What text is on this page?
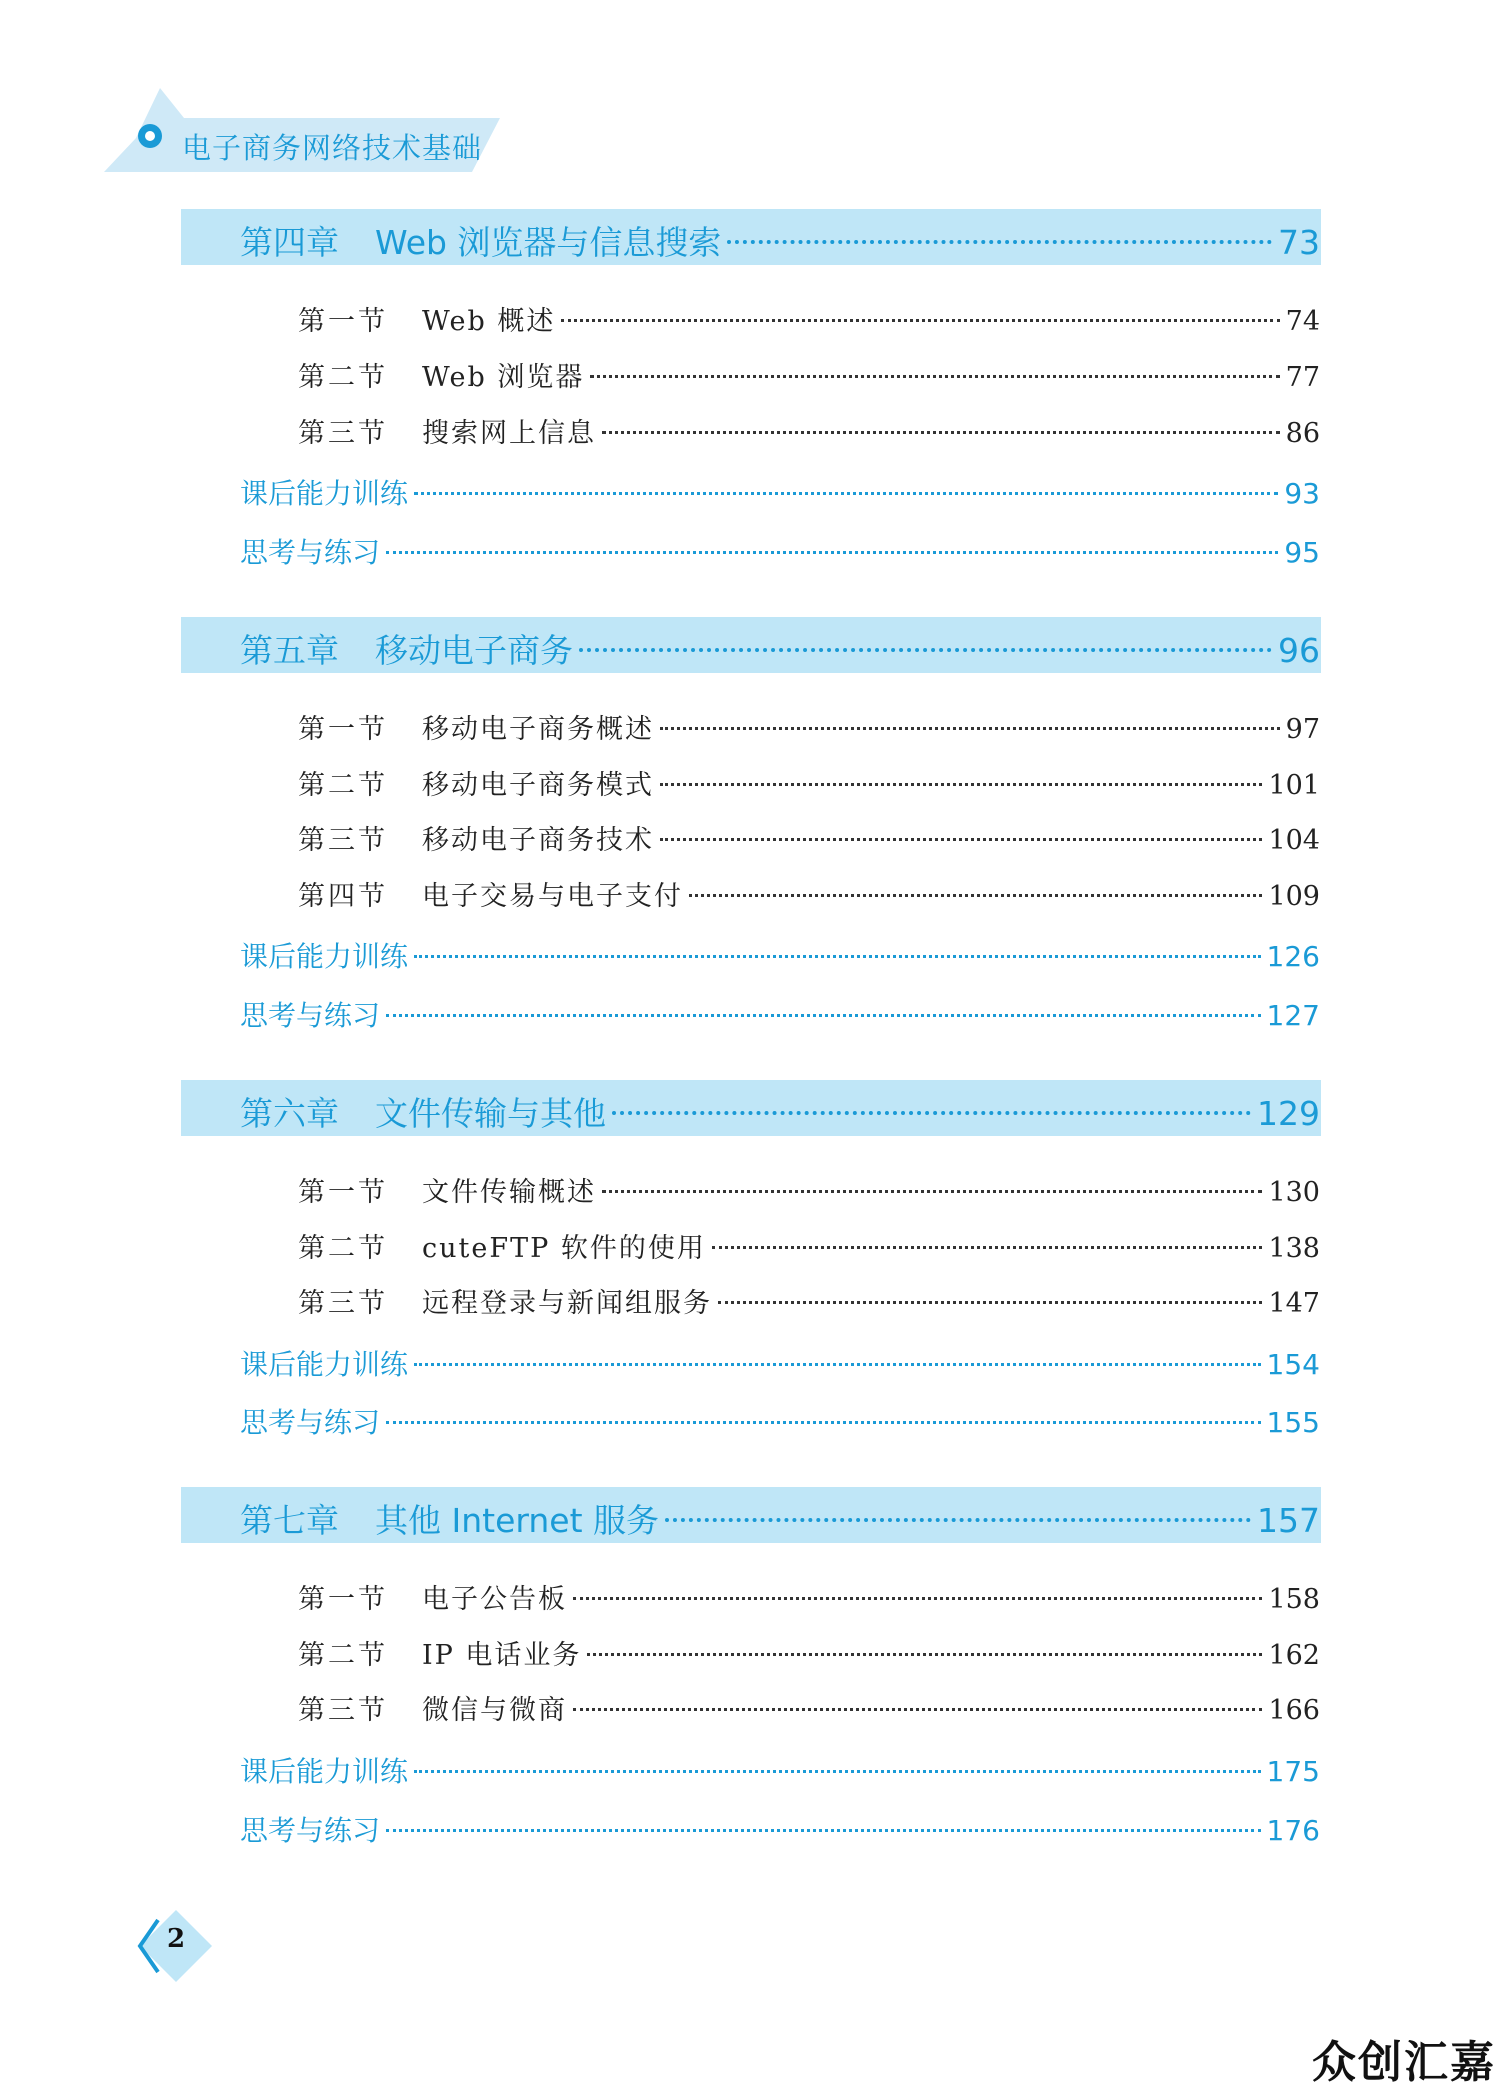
电子商务网络技术基础
第四章 Web 浏览器与信息搜索	73
第一节 Web 概述	74
第二节 Web 浏览器	77
第三节 搜索网上信息	86
课后能力训练	93
思考与练习	95
第五章 移动电子商务	96
第一节 移动电子商务概述	97
第二节 移动电子商务模式	101
第三节 移动电子商务技术	104
第四节 电子交易与电子支付	109
课后能力训练	126
思考与练习	127
第六章 文件传输与其他	129
第一节 文件传输概述	130
第二节 cuteFTP 软件的使用	138
第三节 远程登录与新闻组服务	147
课后能力训练	154
思考与练习	155
第七章 其他 Internet 服务	157
第一节 电子公告板	158
第二节 IP 电话业务	162
第三节 微信与微商	166
课后能力训练	175
思考与练习	176
2
众创汇嘉
